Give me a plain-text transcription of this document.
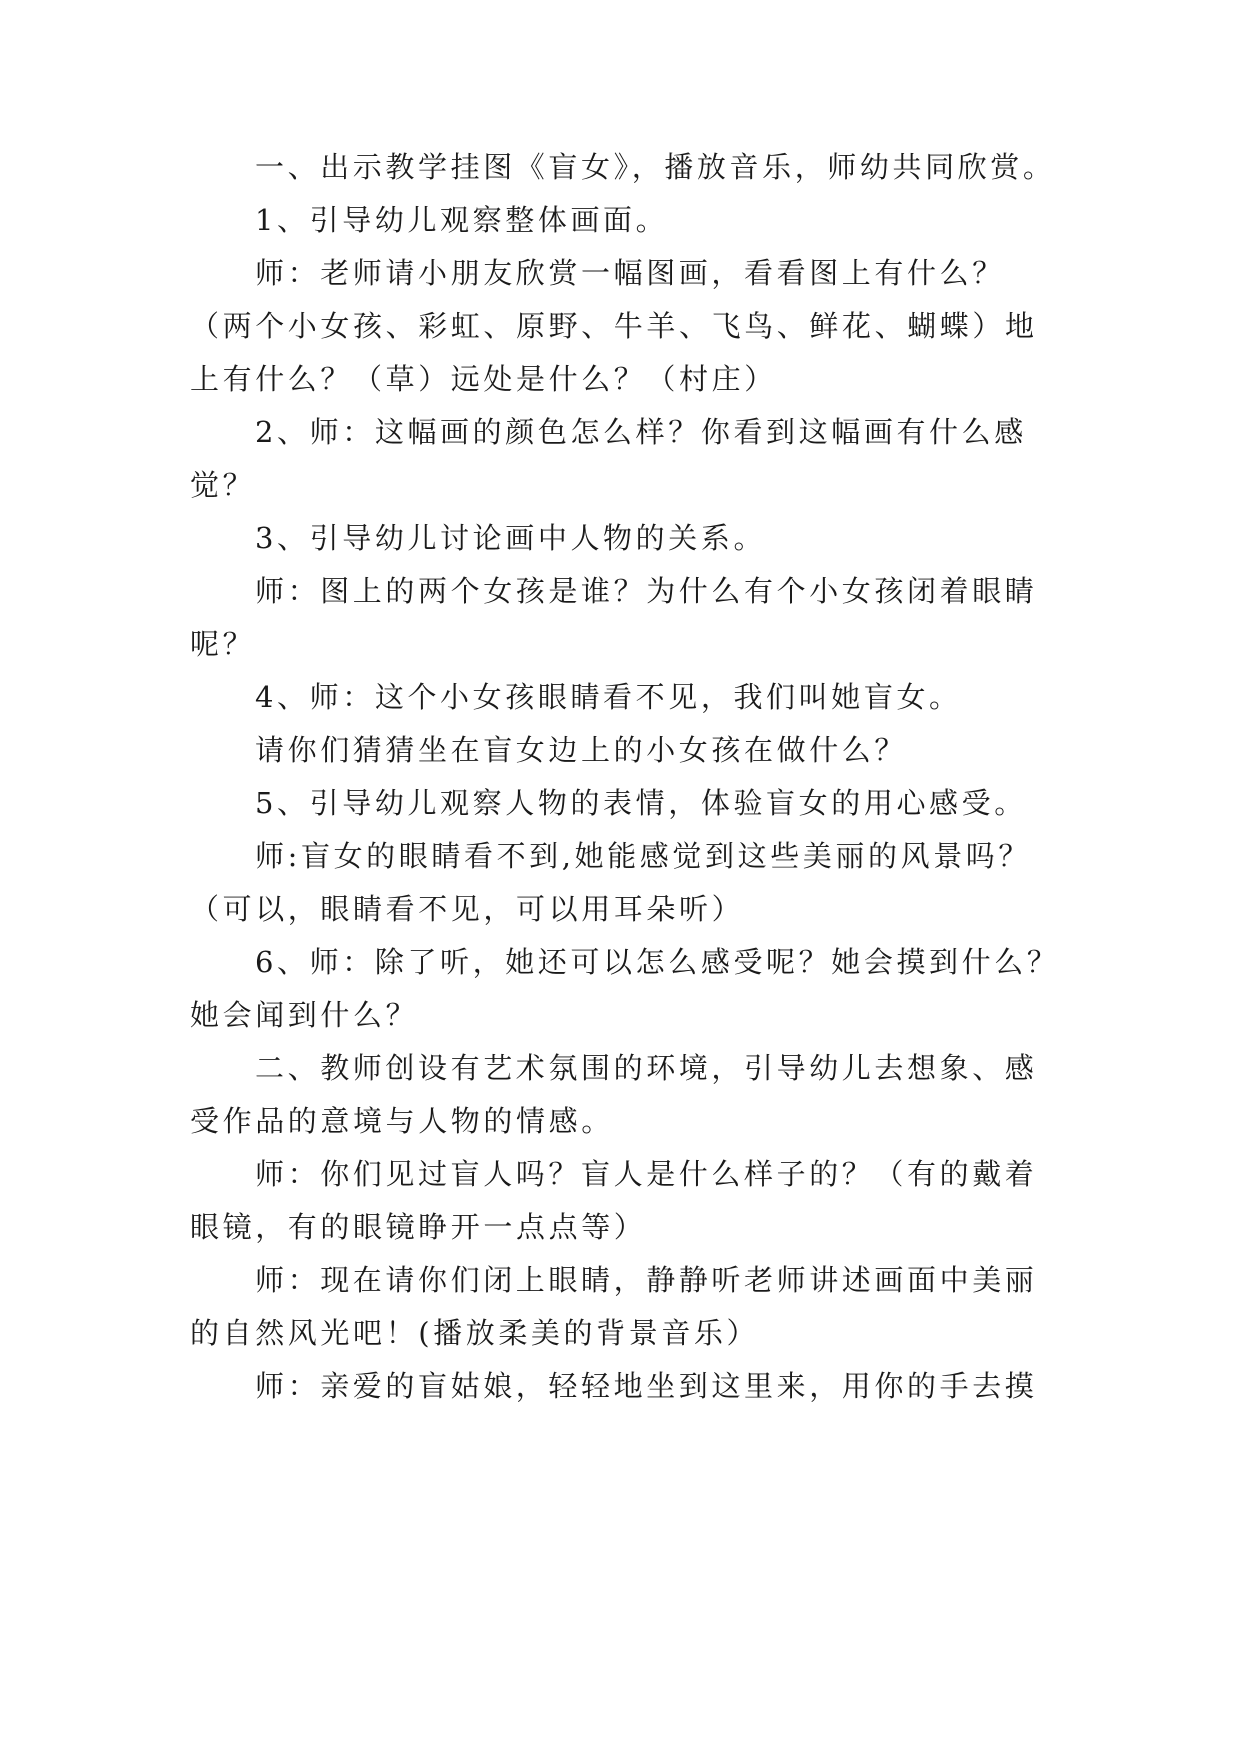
一、出示教学挂图《盲女》，播放音乐，师幼共同欣赏。
1、引导幼儿观察整体画面。
师：老师请小朋友欣赏一幅图画，看看图上有什么？
（两个小女孩、彩虹、原野、牛羊、飞鸟、鲜花、蝴蝶）地
上有什么？（草）远处是什么？（村庄）
2、师：这幅画的颜色怎么样？你看到这幅画有什么感
觉？
3、引导幼儿讨论画中人物的关系。
师：图上的两个女孩是谁？为什么有个小女孩闭着眼睛
呢？
4、师：这个小女孩眼睛看不见，我们叫她盲女。
请你们猜猜坐在盲女边上的小女孩在做什么？
5、引导幼儿观察人物的表情，体验盲女的用心感受。
师:盲女的眼睛看不到,她能感觉到这些美丽的风景吗？
（可以，眼睛看不见，可以用耳朵听）
6、师：除了听，她还可以怎么感受呢？她会摸到什么？
她会闻到什么？
二、教师创设有艺术氛围的环境，引导幼儿去想象、感
受作品的意境与人物的情感。
师：你们见过盲人吗？盲人是什么样子的？（有的戴着
眼镜，有的眼镜睁开一点点等）
师：现在请你们闭上眼睛，静静听老师讲述画面中美丽
的自然风光吧！(播放柔美的背景音乐）
师：亲爱的盲姑娘，轻轻地坐到这里来，用你的手去摸
